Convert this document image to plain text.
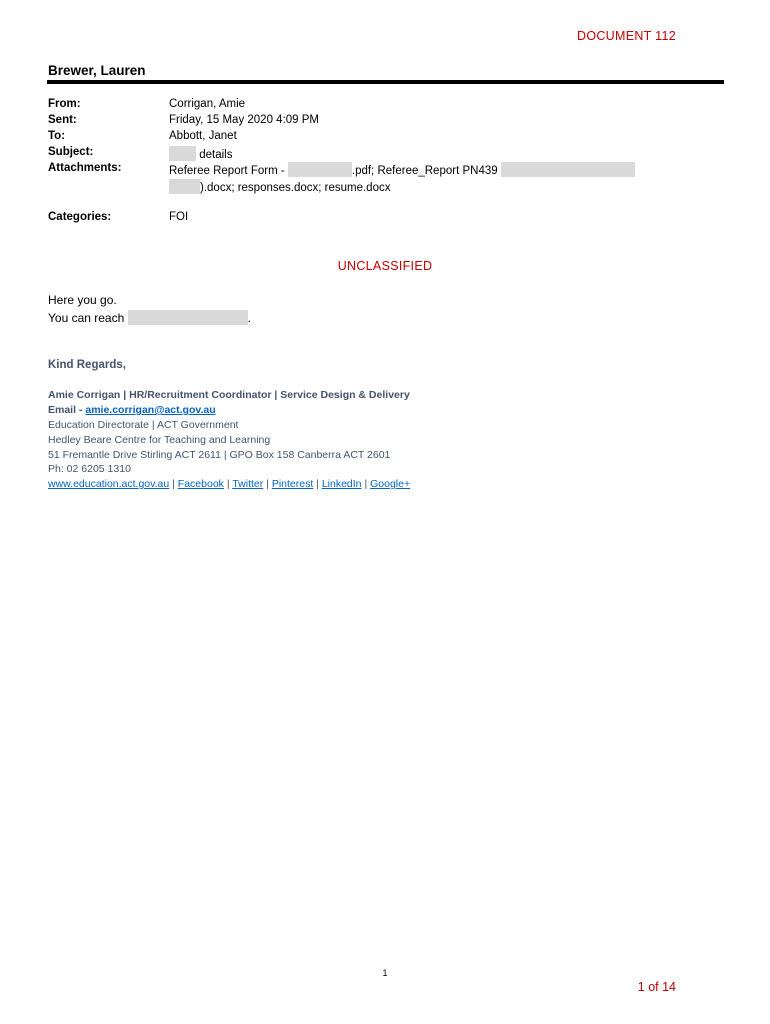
DOCUMENT 112
Brewer, Lauren
From:	Corrigan, Amie
Sent:	Friday, 15 May 2020 4:09 PM
To:	Abbott, Janet
Subject:	details
Attachments:	Referee Report Form -	.pdf; Referee_Report PN439
).docx; responses.docx; resume.docx
Categories:	FOI
UNCLASSIFIED
Here you go.
You can reach	.
Kind Regards,
Amie Corrigan | HR/Recruitment Coordinator | Service Design & Delivery
Email - amie.corrigan@act.gov.au
Education Directorate | ACT Government
Hedley Beare Centre for Teaching and Learning
51 Fremantle Drive Stirling ACT 2611 | GPO Box 158 Canberra ACT 2601
Ph: 02 6205 1310
www.education.act.gov.au | Facebook | Twitter | Pinterest | LinkedIn | Google+
1
1 of 14
